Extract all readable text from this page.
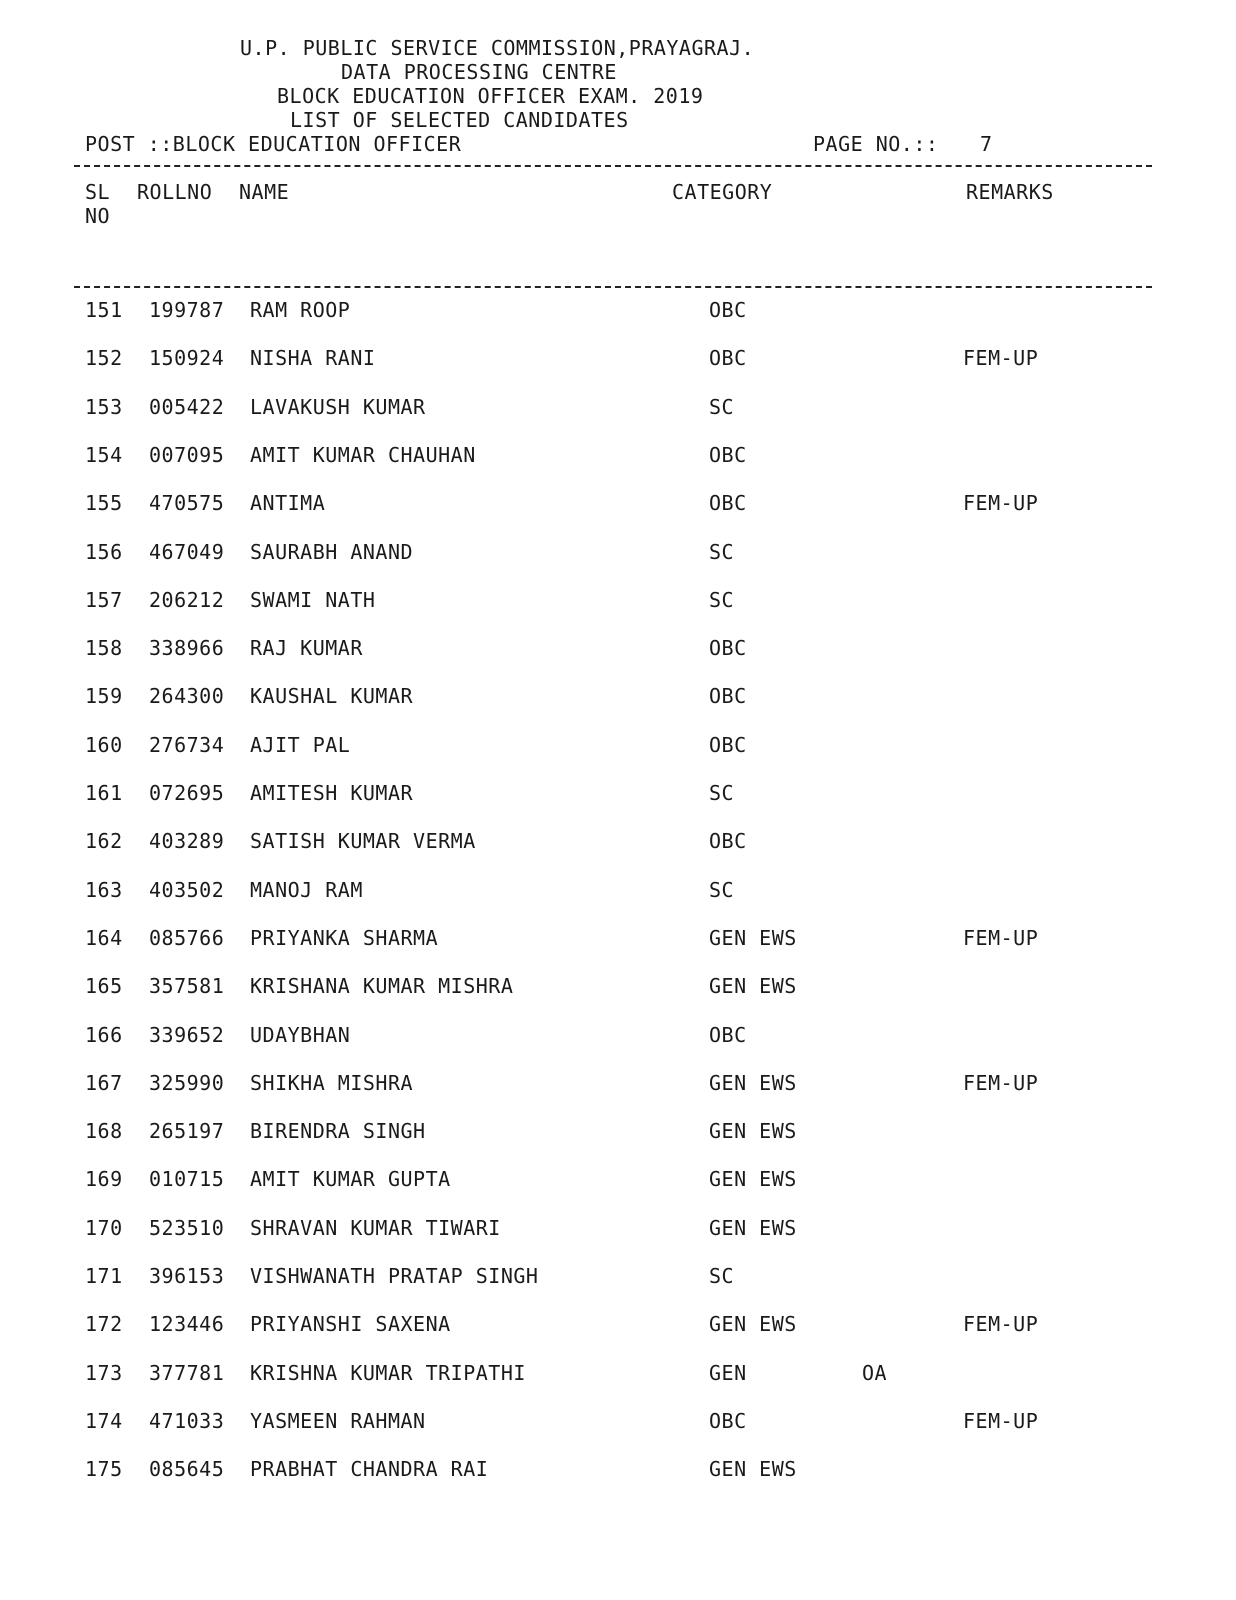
U.P. PUBLIC SERVICE COMMISSION,PRAYAGRAJ.
DATA PROCESSING CENTRE
BLOCK EDUCATION OFFICER EXAM. 2019
LIST OF SELECTED CANDIDATES
POST ::BLOCK EDUCATION OFFICER	PAGE NO.:: 7
SL
NO
ROLLNO NAME	CATEGORY	REMARKS
151 199787 RAM ROOP	OBC
152 150924 NISHA RANI	OBC	FEM-UP
153 005422 LAVAKUSH KUMAR	SC
154 007095 AMIT KUMAR CHAUHAN	OBC
155 470575 ANTIMA	OBC	FEM-UP
156 467049 SAURABH ANAND	SC
157 206212 SWAMI NATH	SC
158 338966 RAJ KUMAR	OBC
159 264300 KAUSHAL KUMAR	OBC
160 276734 AJIT PAL	OBC
161 072695 AMITESH KUMAR	SC
162 403289 SATISH KUMAR VERMA	OBC
163 403502 MANOJ RAM	SC
164 085766 PRIYANKA SHARMA	GEN EWS	FEM-UP
165 357581 KRISHANA KUMAR MISHRA	GEN EWS
166 339652 UDAYBHAN	OBC
167 325990 SHIKHA MISHRA	GEN EWS	FEM-UP
168 265197 BIRENDRA SINGH	GEN EWS
169 010715 AMIT KUMAR GUPTA	GEN EWS
170 523510 SHRAVAN KUMAR TIWARI	GEN EWS
171 396153 VISHWANATH PRATAP SINGH	SC
172 123446 PRIYANSHI SAXENA	GEN EWS	FEM-UP
173 377781 KRISHNA KUMAR TRIPATHI	GEN	OA
174 471033 YASMEEN RAHMAN	OBC	FEM-UP
175 085645 PRABHAT CHANDRA RAI	GEN EWS
